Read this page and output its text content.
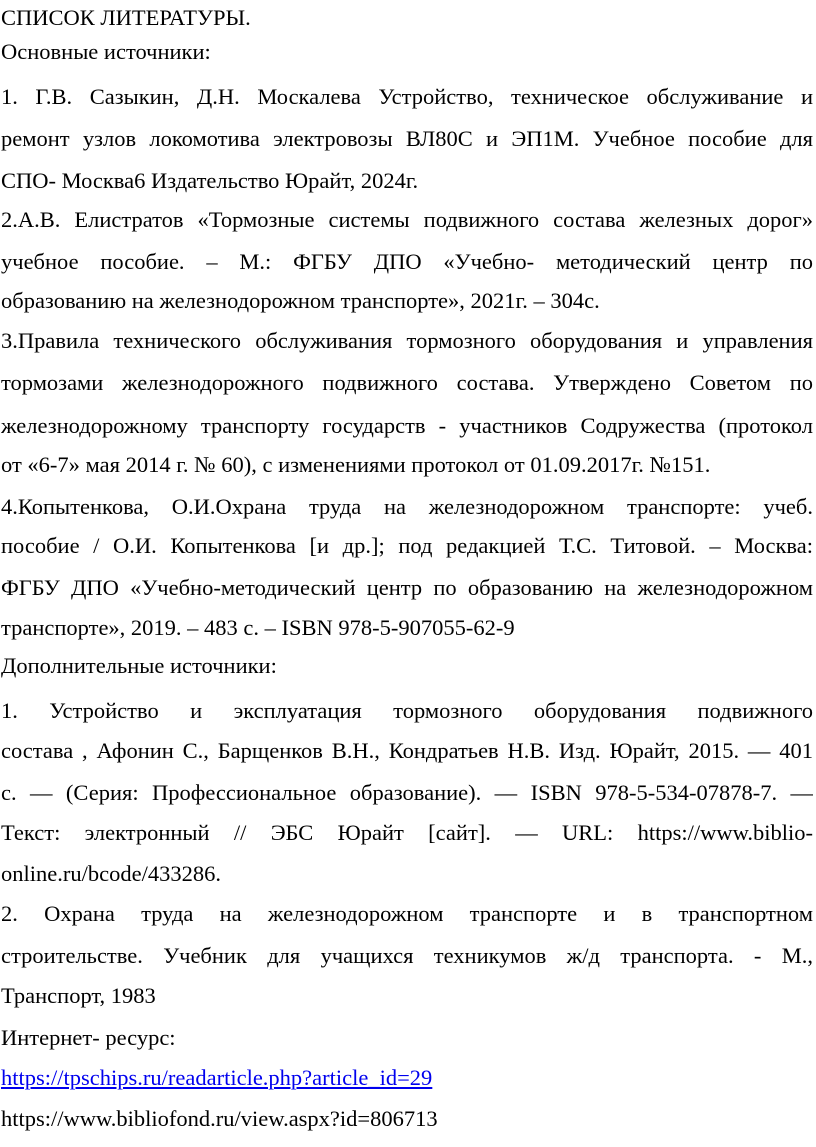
СПИСОК ЛИТЕРАТУРЫ.
Основные источники:
1. Г.В. Сазыкин, Д.Н. Москалева Устройство, техническое обслуживание и
ремонт узлов локомотива электровозы ВЛ80С и ЭП1М. Учебное пособие для
СПО- Москва6 Издательство Юрайт, 2024г.
2.А.В. Елистратов «Тормозные системы подвижного состава железных дорог»
учебное пособие. – М.: ФГБУ ДПО «Учебно- методический центр по
образованию на железнодорожном транспорте», 2021г. – 304с.
3.Правила технического обслуживания тормозного оборудования и управления
тормозами железнодорожного подвижного состава. Утверждено Советом по
железнодорожному транспорту государств - участников Содружества (протокол
от «6-7» мая 2014 г. № 60), с изменениями протокол от 01.09.2017г. №151.
4.Копытенкова, О.И.Охрана труда на железнодорожном транспорте: учеб.
пособие / О.И. Копытенкова [и др.]; под редакцией Т.С. Титовой. – Москва:
ФГБУ ДПО «Учебно-методический центр по образованию на железнодорожном
транспорте», 2019. – 483 с. – ISBN 978-5-907055-62-9
Дополнительные источники:
1. Устройство и эксплуатация тормозного оборудования подвижного
состава , Афонин С., Барщенков В.Н., Кондратьев Н.В. Изд. Юрайт, 2015. — 401
с. — (Серия: Профессиональное образование). — ISBN 978-5-534-07878-7. —
Текст: электронный // ЭБС Юрайт [сайт]. — URL: https://www.biblio-
online.ru/bcode/433286.
2. Охрана труда на железнодорожном транспорте и в транспортном
строительстве. Учебник для учащихся техникумов ж/д транспорта. - М.,
Транспорт, 1983
Интернет- ресурс:
https://tpschips.ru/readarticle.php?article_id=29
https://www.bibliofond.ru/view.aspx?id=806713
